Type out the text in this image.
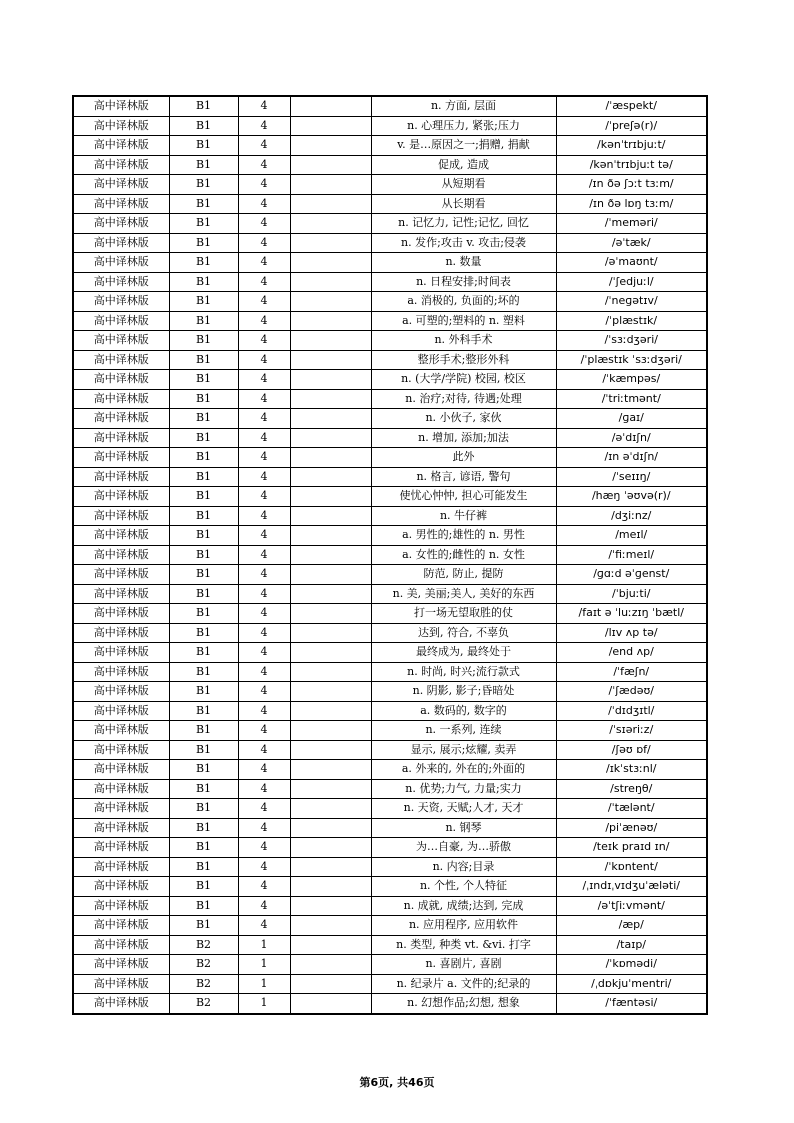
高中译林版	B1	4		n. 方面, 层面	/ˈæspekt/
高中译林版	B1	4		n. 心理压力, 紧张;压力	/ˈpreʃə(r)/
高中译林版	B1	4		v. 是…原因之一;捐赠, 捐献	/kənˈtrɪbjuːt/
高中译林版	B1	4		促成, 造成	/kənˈtrɪbjuːt tə/
高中译林版	B1	4		从短期看	/ɪn ðə ʃɔːt tɜːm/
高中译林版	B1	4		从长期看	/ɪn ðə lɒŋ tɜːm/
高中译林版	B1	4		n. 记忆力, 记性;记忆, 回忆	/ˈmeməri/
高中译林版	B1	4		n. 发作;攻击 v. 攻击;侵袭	/əˈtæk/
高中译林版	B1	4		n. 数量	/əˈmaʊnt/
高中译林版	B1	4		n. 日程安排;时间表	/ˈʃedjuːl/
高中译林版	B1	4		a. 消极的, 负面的;坏的	/ˈneɡətɪv/
高中译林版	B1	4		a. 可塑的;塑料的 n. 塑料	/ˈplæstɪk/
高中译林版	B1	4		n. 外科手术	/ˈsɜːdʒəri/
高中译林版	B1	4		整形手术;整形外科	/ˈplæstɪk ˈsɜːdʒəri/
高中译林版	B1	4		n. (大学/学院) 校园, 校区	/ˈkæmpəs/
高中译林版	B1	4		n. 治疗;对待, 待遇;处理	/ˈtriːtmənt/
高中译林版	B1	4		n. 小伙子, 家伙	/ɡaɪ/
高中译林版	B1	4		n. 增加, 添加;加法	/əˈdɪʃn/
高中译林版	B1	4		此外	/ɪn əˈdɪʃn/
高中译林版	B1	4		n. 格言, 谚语, 警句	/ˈseɪɪŋ/
高中译林版	B1	4		使忧心忡忡, 担心可能发生	/hæŋ ˈəʊvə(r)/
高中译林版	B1	4		n. 牛仔裤	/dʒiːnz/
高中译林版	B1	4		a. 男性的;雄性的 n. 男性	/meɪl/
高中译林版	B1	4		a. 女性的;雌性的 n. 女性	/ˈfiːmeɪl/
高中译林版	B1	4		防范, 防止, 提防	/ɡɑːd əˈɡenst/
高中译林版	B1	4		n. 美, 美丽;美人, 美好的东西	/ˈbjuːti/
高中译林版	B1	4		打一场无望取胜的仗	/faɪt ə ˈluːzɪŋ ˈbætl/
高中译林版	B1	4		达到, 符合, 不辜负	/lɪv ʌp tə/
高中译林版	B1	4		最终成为, 最终处于	/end ʌp/
高中译林版	B1	4		n. 时尚, 时兴;流行款式	/ˈfæʃn/
高中译林版	B1	4		n. 阴影, 影子;昏暗处	/ˈʃædəʊ/
高中译林版	B1	4		a. 数码的, 数字的	/ˈdɪdʒɪtl/
高中译林版	B1	4		n. 一系列, 连续	/ˈsɪəriːz/
高中译林版	B1	4		显示, 展示;炫耀, 卖弄	/ʃəʊ ɒf/
高中译林版	B1	4		a. 外来的, 外在的;外面的	/ɪkˈstɜːnl/
高中译林版	B1	4		n. 优势;力气, 力量;实力	/streŋθ/
高中译林版	B1	4		n. 天资, 天赋;人才, 天才	/ˈtælənt/
高中译林版	B1	4		n. 钢琴	/piˈænəʊ/
高中译林版	B1	4		为…自豪, 为…骄傲	/teɪk praɪd ɪn/
高中译林版	B1	4		n. 内容;目录	/ˈkɒntent/
高中译林版	B1	4		n. 个性, 个人特征	/ˌɪndɪˌvɪdʒuˈæləti/
高中译林版	B1	4		n. 成就, 成绩;达到, 完成	/əˈtʃiːvmənt/
高中译林版	B1	4		n. 应用程序, 应用软件	/æp/
高中译林版	B2	1		n. 类型, 种类 vt. &vi. 打字	/taɪp/
高中译林版	B2	1		n. 喜剧片, 喜剧	/ˈkɒmədi/
高中译林版	B2	1		n. 纪录片 a. 文件的;纪录的	/ˌdɒkjuˈmentri/
高中译林版	B2	1		n. 幻想作品;幻想, 想象	/ˈfæntəsi/
第6页, 共46页
